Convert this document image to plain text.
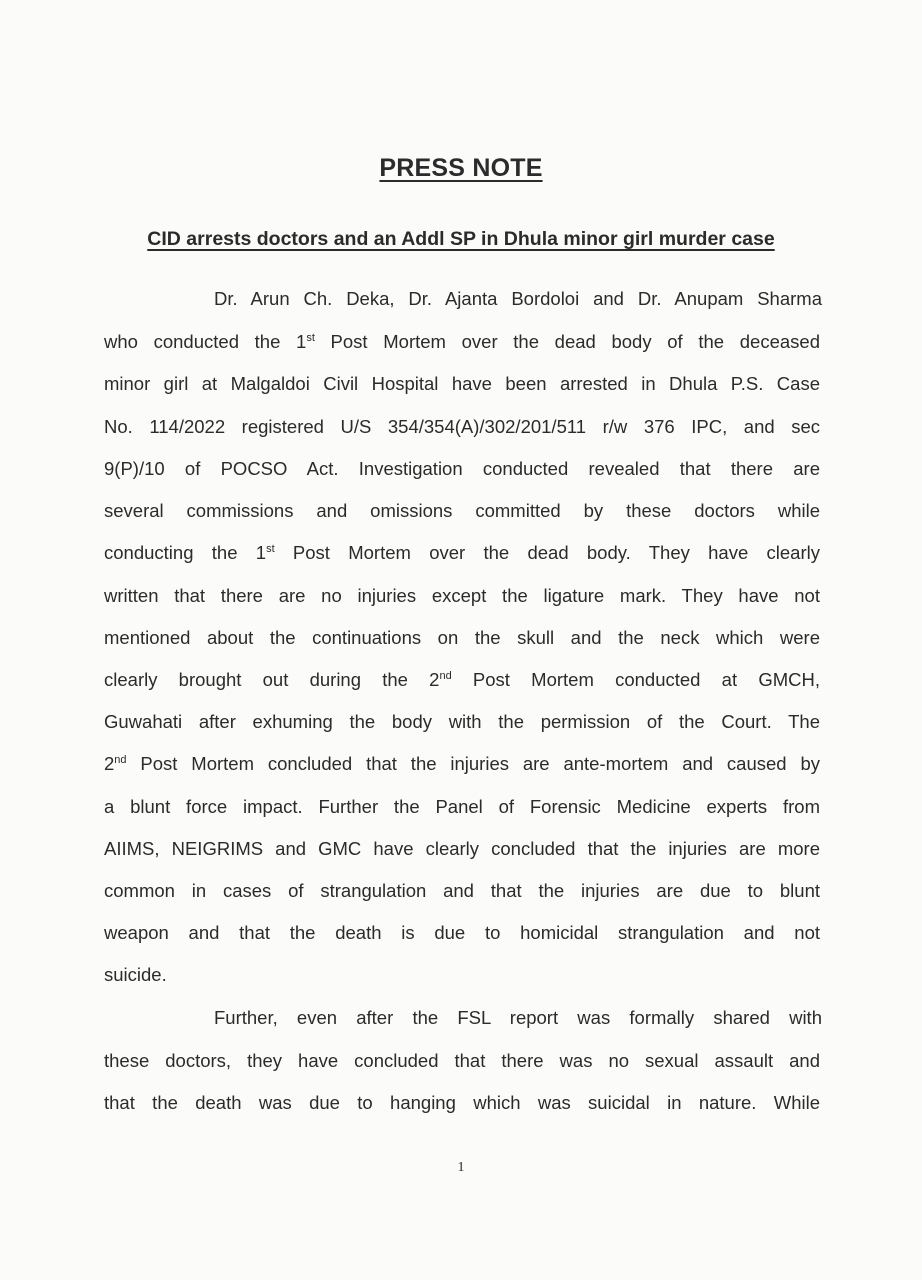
PRESS NOTE
CID arrests doctors and an Addl SP in Dhula minor girl murder case
Dr. Arun Ch. Deka, Dr. Ajanta Bordoloi and Dr. Anupam Sharma
who conducted the 1st Post Mortem over the dead body of the deceased
minor girl at Malgaldoi Civil Hospital have been arrested in Dhula P.S. Case
No. 114/2022 registered U/S 354/354(A)/302/201/511 r/w 376 IPC, and sec
9(P)/10 of POCSO Act. Investigation conducted revealed that there are
several commissions and omissions committed by these doctors while
conducting the 1st Post Mortem over the dead body. They have clearly
written that there are no injuries except the ligature mark. They have not
mentioned about the continuations on the skull and the neck which were
clearly brought out during the 2nd Post Mortem conducted at GMCH,
Guwahati after exhuming the body with the permission of the Court. The
2nd Post Mortem concluded that the injuries are ante-mortem and caused by
a blunt force impact. Further the Panel of Forensic Medicine experts from
AIIMS, NEIGRIMS and GMC have clearly concluded that the injuries are more
common in cases of strangulation and that the injuries are due to blunt
weapon and that the death is due to homicidal strangulation and not
suicide.
Further, even after the FSL report was formally shared with
these doctors, they have concluded that there was no sexual assault and
that the death was due to hanging which was suicidal in nature. While
1
